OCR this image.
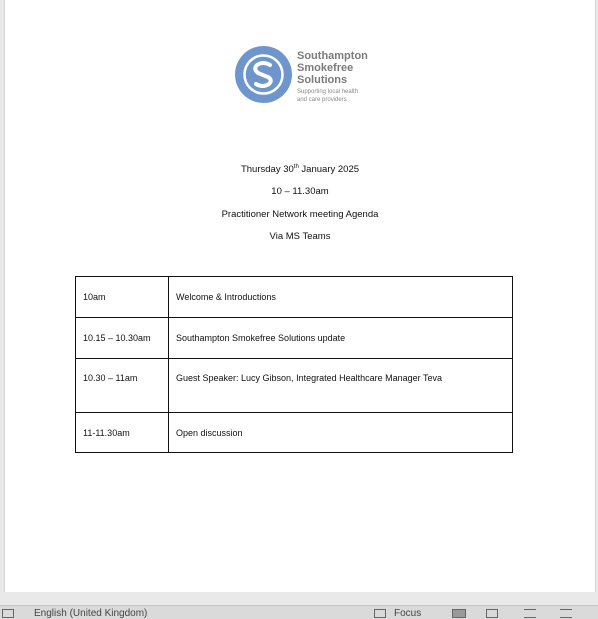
Southampton
Smokefree
Solutions
Supporting local health
and care providers
Thursday 30th January 2025
10 – 11.30am
Practitioner Network meeting Agenda
Via MS Teams
10am	Welcome & Introductions
10.15 – 10.30am	Southampton Smokefree Solutions update
10.30 – 11am	Guest Speaker: Lucy Gibson, Integrated Healthcare Manager Teva
11-11.30am	Open discussion
English (United Kingdom)	Focus
